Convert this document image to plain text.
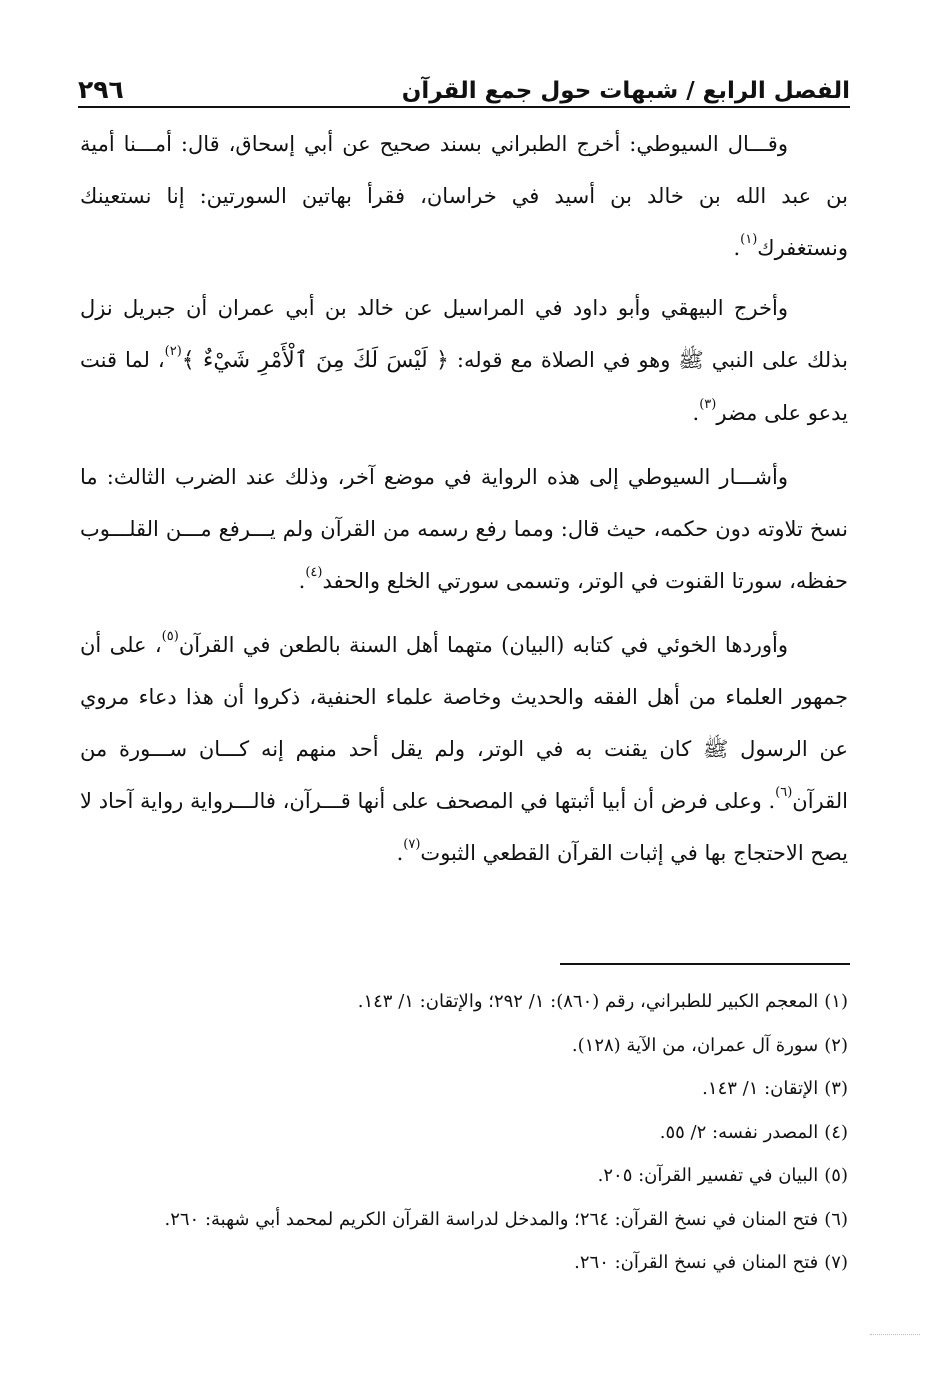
الفصل الرابع / شبهات حول جمع القرآن
٢٩٦

وقـــال السيوطي: أخرج الطبراني بسند صحيح عن أبي إسحاق، قال: أمـــنا أمية بن عبد الله بن خالد بن أسيد في خراسان، فقرأ بهاتين السورتين: إنا نستعينك ونستغفرك$^{(١)}$.

وأخرج البيهقي وأبو داود في المراسيل عن خالد بن أبي عمران أن جبريل نزل بذلك على النبي ﷺ وهو في الصلاة مع قوله: ﴿ لَيْسَ لَكَ مِنَ ٱلْأَمْرِ شَيْءٌ ﴾$^{(٢)}$، لما قنت يدعو على مضر$^{(٣)}$.

وأشـــار السيوطي إلى هذه الرواية في موضع آخر، وذلك عند الضرب الثالث: ما نسخ تلاوته دون حكمه، حيث قال: ومما رفع رسمه من القرآن ولم يـــرفع مـــن القلـــوب حفظه، سورتا القنوت في الوتر، وتسمى سورتي الخلع والحفد$^{(٤)}$.

وأوردها الخوئي في كتابه (البيان) متهما أهل السنة بالطعن في القرآن$^{(٥)}$، على أن جمهور العلماء من أهل الفقه والحديث وخاصة علماء الحنفية، ذكروا أن هذا دعاء مروي عن الرسول ﷺ كان يقنت به في الوتر، ولم يقل أحد منهم إنه كـــان ســـورة من القرآن$^{(٦)}$. وعلى فرض أن أبيا أثبتها في المصحف على أنها قـــرآن، فالـــرواية رواية آحاد لا يصح الاحتجاج بها في إثبات القرآن القطعي الثبوت$^{(٧)}$.

(١)المعجم الكبير للطبراني، رقم (٨٦٠): ١/ ٢٩٢؛ والإتقان: ١/ ١٤٣.
(٢)سورة آل عمران، من الآية (١٢٨).
(٣)الإتقان: ١/ ١٤٣.
(٤)المصدر نفسه: ٢/ ٥٥.
(٥)البيان في تفسير القرآن: ٢٠٥.
(٦)فتح المنان في نسخ القرآن: ٢٦٤؛ والمدخل لدراسة القرآن الكريم لمحمد أبي شهبة: ٢٦٠.
(٧)فتح المنان في نسخ القرآن: ٢٦٠.
